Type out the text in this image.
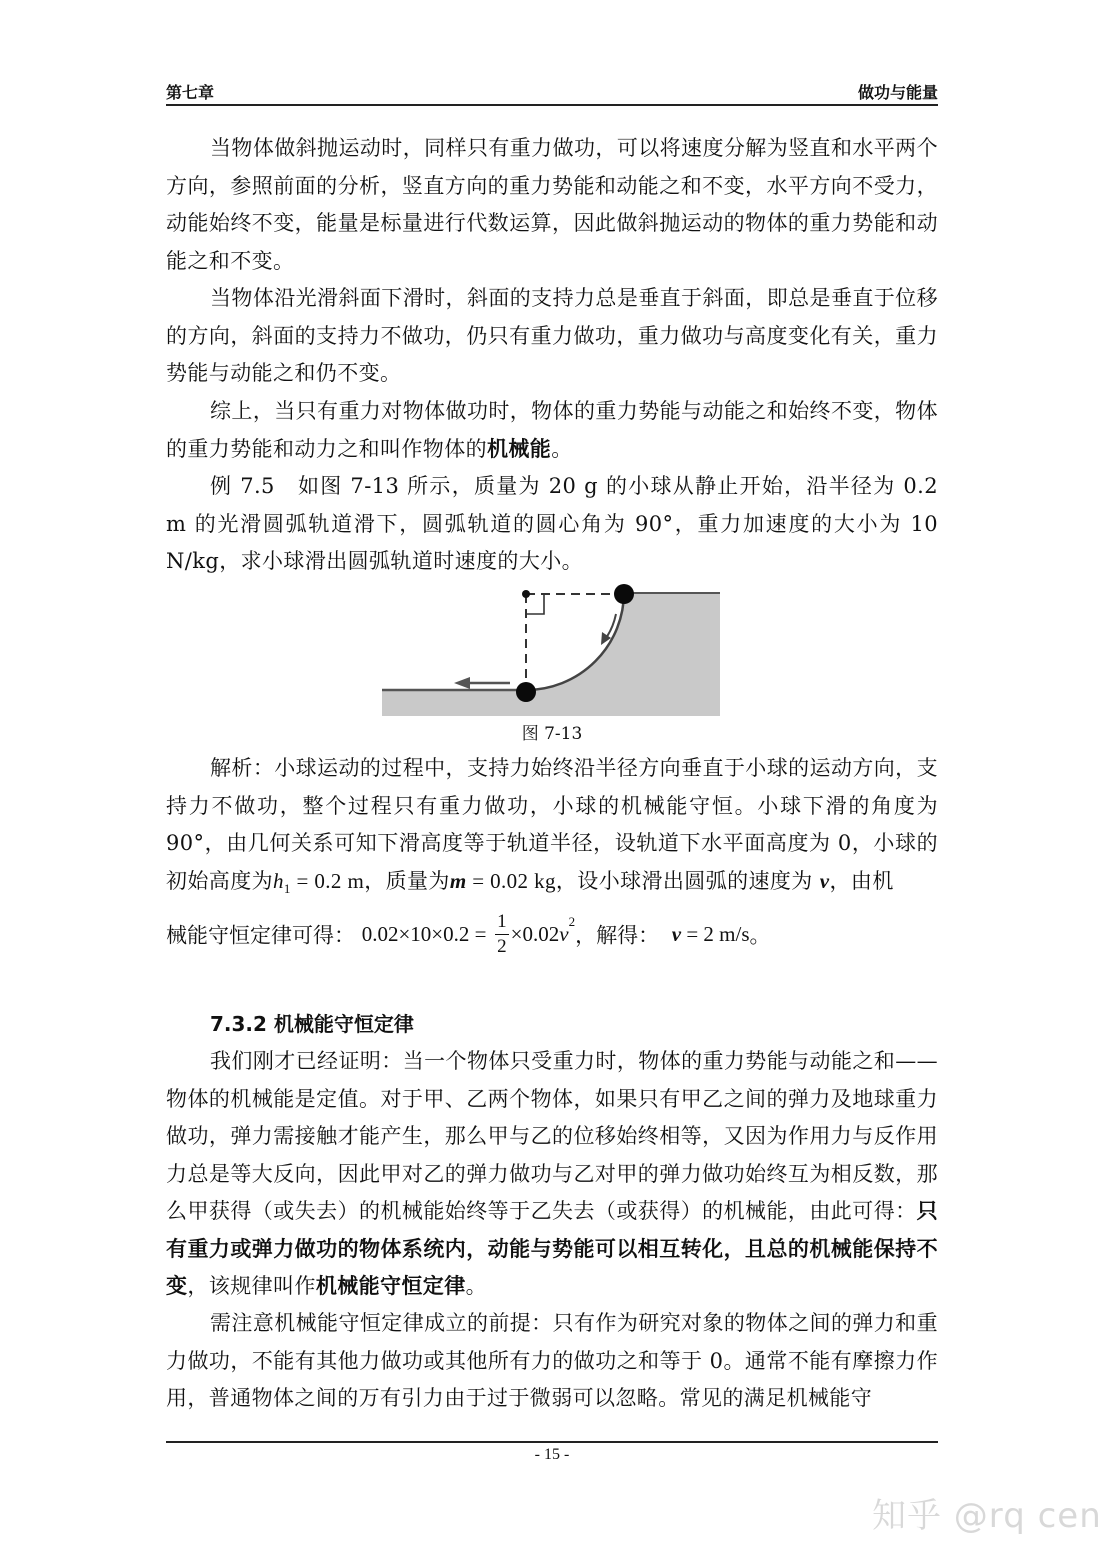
第七章	做功与能量
当物体做斜抛运动时，同样只有重力做功，可以将速度分解为竖直和水平两个方向，参照前面的分析，竖直方向的重力势能和动能之和不变，水平方向不受力，动能始终不变，能量是标量进行代数运算，因此做斜抛运动的物体的重力势能和动能之和不变。
当物体沿光滑斜面下滑时，斜面的支持力总是垂直于斜面，即总是垂直于位移的方向，斜面的支持力不做功，仍只有重力做功，重力做功与高度变化有关，重力势能与动能之和仍不变。
综上，当只有重力对物体做功时，物体的重力势能与动能之和始终不变，物体的重力势能和动力之和叫作物体的机械能。
例 7.5　如图 7-13 所示，质量为 20 g 的小球从静止开始，沿半径为 0.2 m 的光滑圆弧轨道滑下，圆弧轨道的圆心角为 90°，重力加速度的大小为 10 N/kg，求小球滑出圆弧轨道时速度的大小。
图 7-13
解析：小球运动的过程中，支持力始终沿半径方向垂直于小球的运动方向，支持力不做功，整个过程只有重力做功，小球的机械能守恒。小球下滑的角度为 90°，由几何关系可知下滑高度等于轨道半径，设轨道下水平面高度为 0，小球的初始高度为$h_1 = 0.2$ m，质量为m = 0.02 kg，设小球滑出圆弧的速度为 v，由机
械能守恒定律可得： $0.02\times 10\times 0.2 = \frac{1}{2} \times 0.02v^2$，解得： v = 2 m/s。
7.3.2 机械能守恒定律
我们刚才已经证明：当一个物体只受重力时，物体的重力势能与动能之和——物体的机械能是定值。对于甲、乙两个物体，如果只有甲乙之间的弹力及地球重力做功，弹力需接触才能产生，那么甲与乙的位移始终相等，又因为作用力与反作用力总是等大反向，因此甲对乙的弹力做功与乙对甲的弹力做功始终互为相反数，那么甲获得（或失去）的机械能始终等于乙失去（或获得）的机械能，由此可得：只有重力或弹力做功的物体系统内，动能与势能可以相互转化，且总的机械能保持不变，该规律叫作机械能守恒定律。
需注意机械能守恒定律成立的前提：只有作为研究对象的物体之间的弹力和重力做功，不能有其他力做功或其他所有力的做功之和等于 0。通常不能有摩擦力作用，普通物体之间的万有引力由于过于微弱可以忽略。常见的满足机械能守
- 15 -
知乎 @rq cen
